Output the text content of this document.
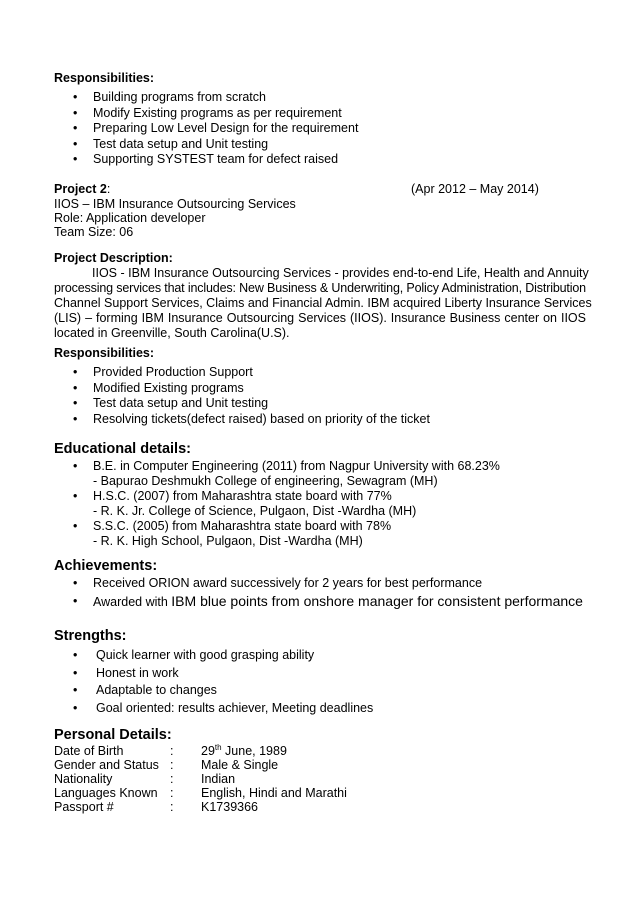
Responsibilities:
• Building programs from scratch
• Modify Existing programs as per requirement
• Preparing Low Level Design for the requirement
• Test data setup and Unit testing
• Supporting SYSTEST team for defect raised
Project 2:	(Apr 2012 – May 2014)
IIOS – IBM Insurance Outsourcing Services
Role: Application developer
Team Size: 06
Project Description:
IIOS - IBM Insurance Outsourcing Services - provides end-to-end Life, Health and Annuity
processing services that includes: New Business & Underwriting, Policy Administration, Distribution
Channel Support Services, Claims and Financial Admin. IBM acquired Liberty Insurance Services
(LIS) – forming IBM Insurance Outsourcing Services (IIOS). Insurance Business center on IIOS
located in Greenville, South Carolina(U.S).
Responsibilities:
• Provided Production Support
• Modified Existing programs
• Test data setup and Unit testing
• Resolving tickets(defect raised) based on priority of the ticket
Educational details:
• B.E. in Computer Engineering (2011) from Nagpur University with 68.23%
- Bapurao Deshmukh College of engineering, Sewagram (MH)
• H.S.C. (2007) from Maharashtra state board with 77%
- R. K. Jr. College of Science, Pulgaon, Dist -Wardha (MH)
• S.S.C. (2005) from Maharashtra state board with 78%
- R. K. High School, Pulgaon, Dist -Wardha (MH)
Achievements:
• Received ORION award successively for 2 years for best performance
• Awarded with IBM blue points from onshore manager for consistent performance
Strengths:
• Quick learner with good grasping ability
• Honest in work
• Adaptable to changes
• Goal oriented: results achiever, Meeting deadlines
Personal Details:
Date of Birth	: 29th June, 1989
Gender and Status : Male & Single
Nationality	: Indian
Languages Known : English, Hindi and Marathi
Passport #	: K1739366
